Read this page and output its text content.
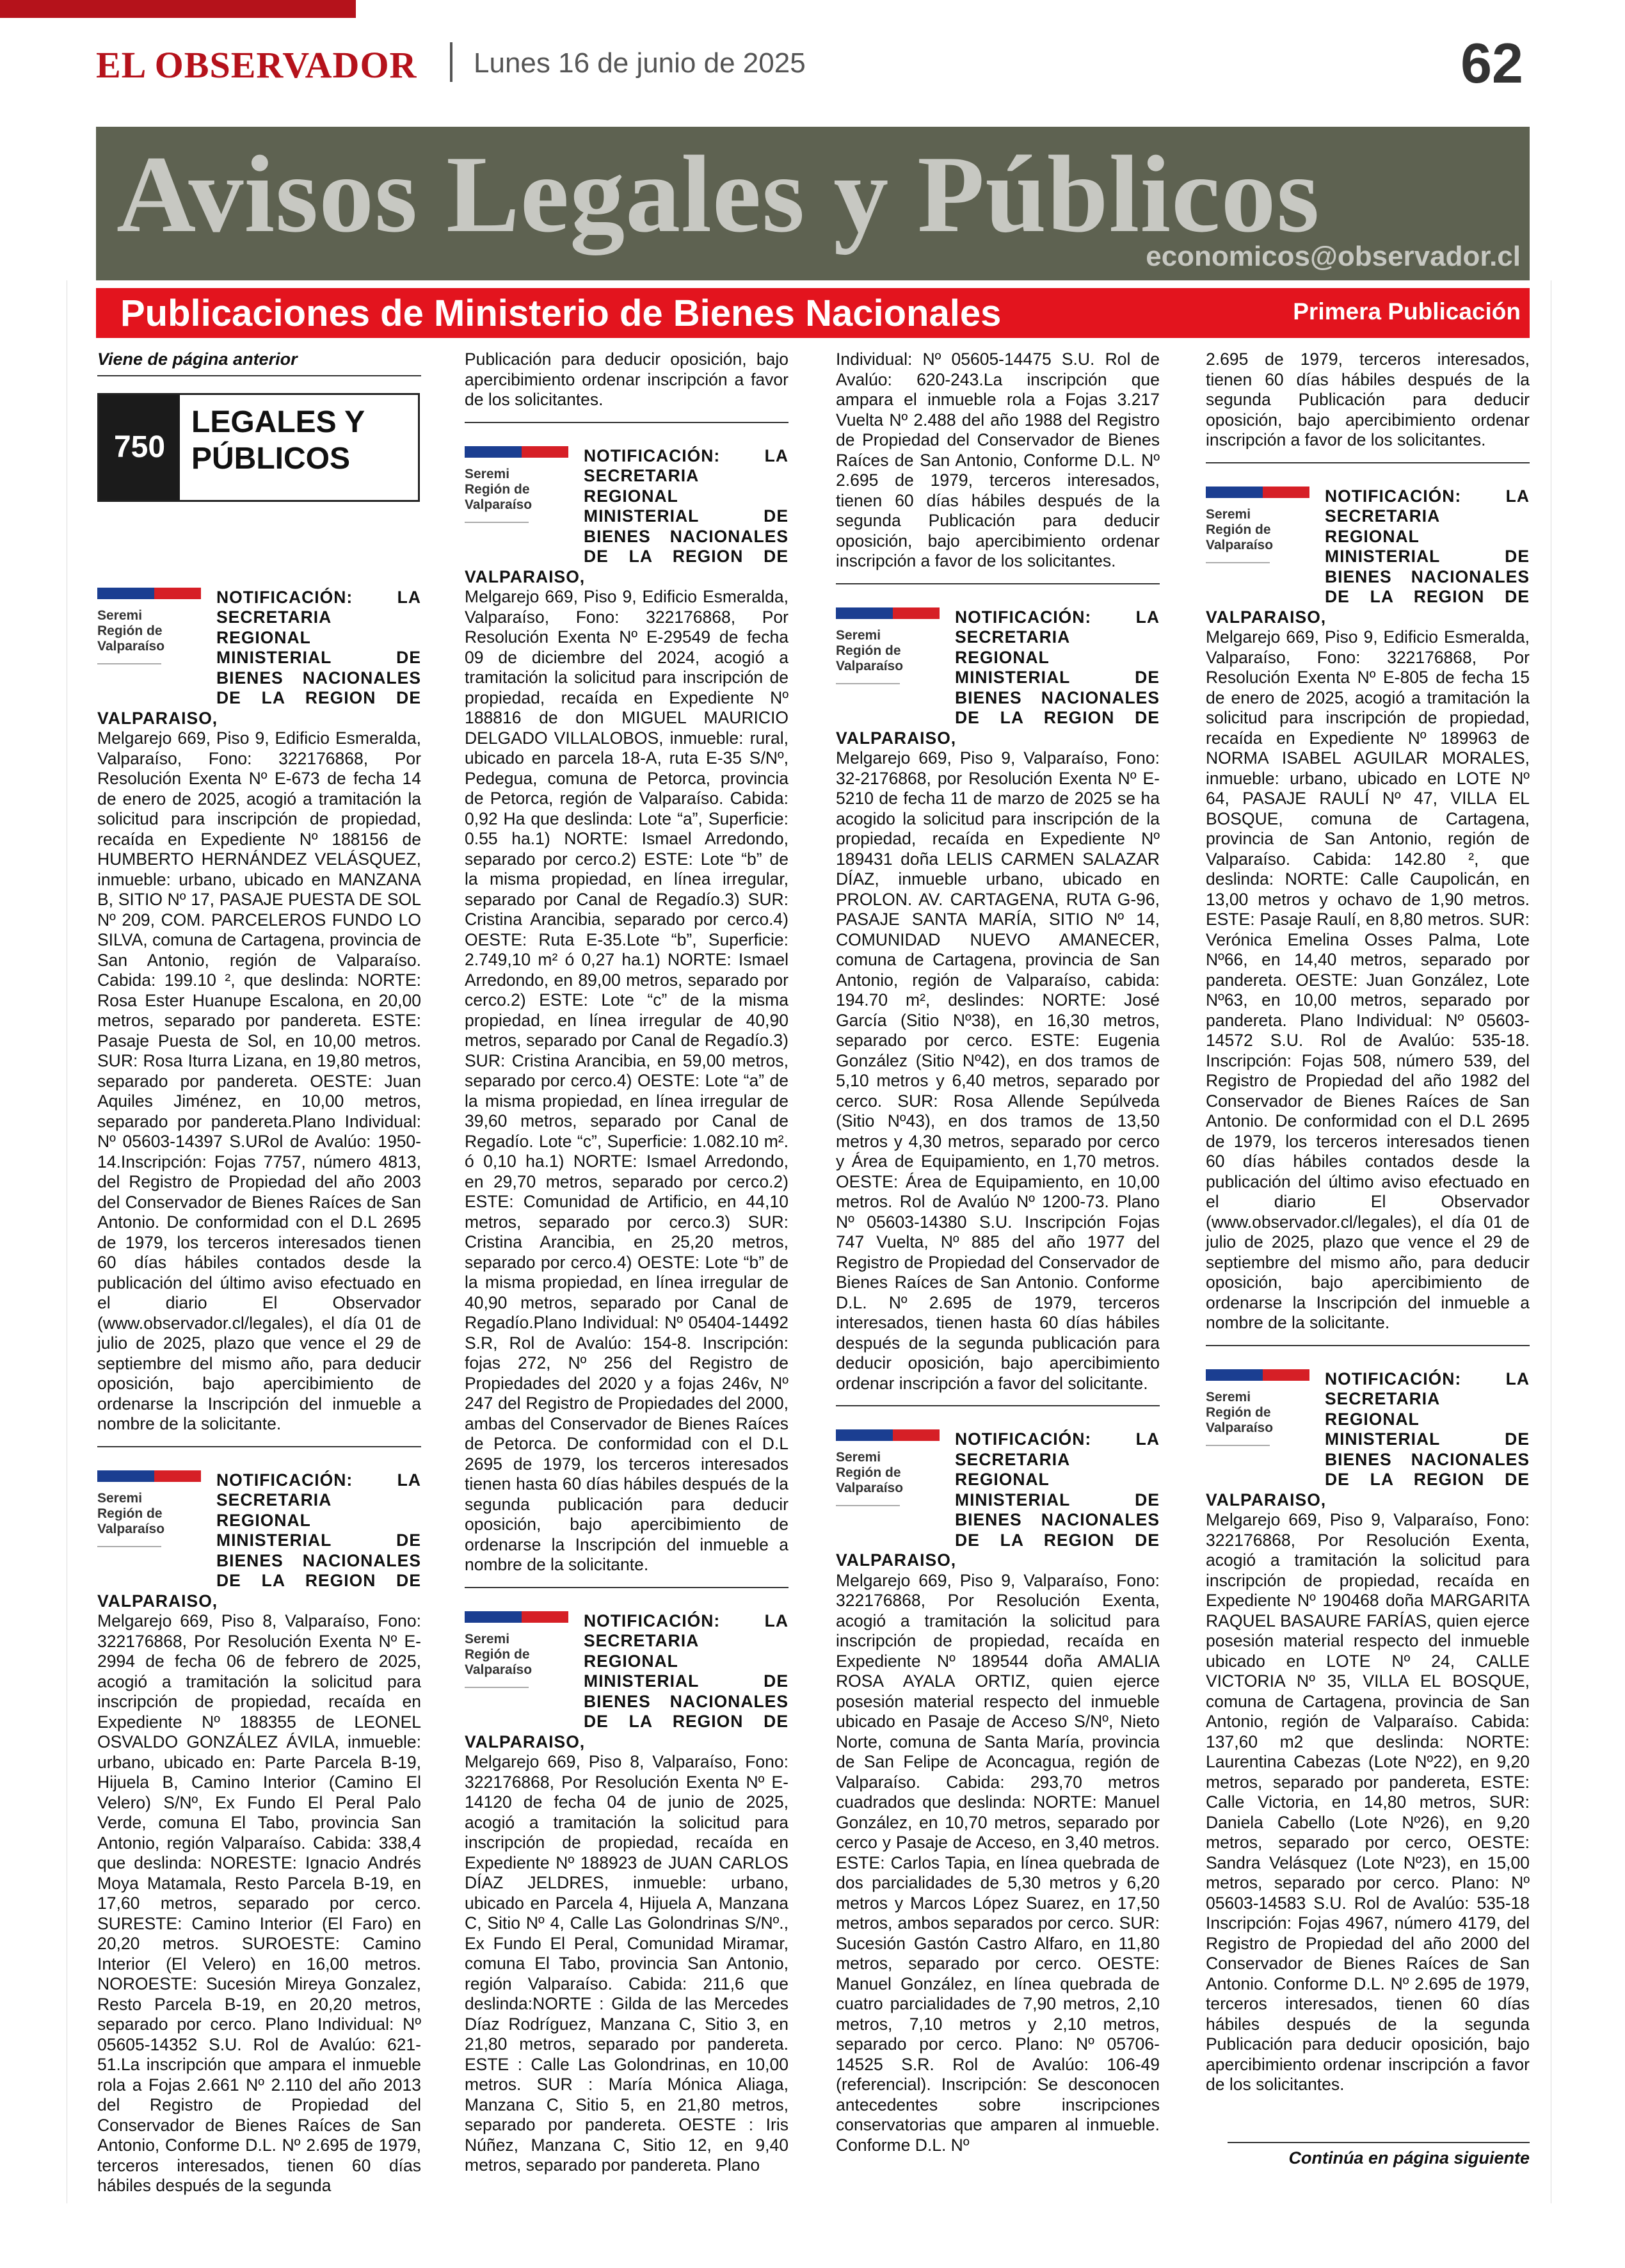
EL OBSERVADOR Lunes 16 de junio de 2025	62
Avisos Legales y Públicos
economicos@observador.cl
Publicaciones de Ministerio de Bienes Nacionales	Primera Publicación
Viene de página anterior
750
LEGALES Y PÚBLICOS
Seremi
Región de
Valparaíso
NOTIFICACIÓN: LA SECRETARIA REGIONAL MINISTERIAL DE BIENES NACIONALES DE LA REGION DE VALPARAISO,
Melgarejo 669, Piso 9, Edificio Esmeralda, Valparaíso, Fono: 322176868, Por Resolución Exenta Nº E-673 de fecha 14 de enero de 2025, acogió a tramitación la solicitud para inscripción de propiedad, recaída en Expediente Nº 188156 de HUMBERTO HERNÁNDEZ VELÁSQUEZ, inmueble: urbano, ubicado en MANZANA B, SITIO Nº 17, PASAJE PUESTA DE SOL Nº 209, COM. PARCELEROS FUNDO LO SILVA, comuna de Cartagena, provincia de San Antonio, región de Valparaíso. Cabida: 199.10 ², que deslinda: NORTE: Rosa Ester Huanupe Escalona, en 20,00 metros, separado por pandereta. ESTE: Pasaje Puesta de Sol, en 10,00 metros. SUR: Rosa Iturra Lizana, en 19,80 metros, separado por pandereta. OESTE: Juan Aquiles Jiménez, en 10,00 metros, separado por pandereta.Plano Individual: Nº 05603-14397 S.URol de Avalúo: 1950-14.Inscripción: Fojas 7757, número 4813, del Registro de Propiedad del año 2003 del Conservador de Bienes Raíces de San Antonio. De conformidad con el D.L 2695 de 1979, los terceros interesados tienen 60 días hábiles contados desde la publicación del último aviso efectuado en el diario El Observador (www.observador.cl/legales), el día 01 de julio de 2025, plazo que vence el 29 de septiembre del mismo año, para deducir oposición, bajo apercibimiento de ordenarse la Inscripción del inmueble a nombre de la solicitante.
Seremi
Región de
Valparaíso
NOTIFICACIÓN: LA SECRETARIA REGIONAL MINISTERIAL DE BIENES NACIONALES DE LA REGION DE VALPARAISO,
Melgarejo 669, Piso 8, Valparaíso, Fono: 322176868, Por Resolución Exenta Nº E-2994 de fecha 06 de febrero de 2025, acogió a tramitación la solicitud para inscripción de propiedad, recaída en Expediente Nº 188355 de LEONEL OSVALDO GONZÁLEZ ÁVILA, inmueble: urbano, ubicado en: Parte Parcela B-19, Hijuela B, Camino Interior (Camino El Velero) S/Nº, Ex Fundo El Peral Palo Verde, comuna El Tabo, provincia San Antonio, región Valparaíso. Cabida: 338,4 que deslinda: NORESTE: Ignacio Andrés Moya Matamala, Resto Parcela B-19, en 17,60 metros, separado por cerco. SURESTE: Camino Interior (El Faro) en 20,20 metros. SUROESTE: Camino Interior (El Velero) en 16,00 metros. NOROESTE: Sucesión Mireya Gonzalez, Resto Parcela B-19, en 20,20 metros, separado por cerco. Plano Individual: Nº 05605-14352 S.U. Rol de Avalúo: 621-51.La inscripción que ampara el inmueble rola a Fojas 2.661 Nº 2.110 del año 2013 del Registro de Propiedad del Conservador de Bienes Raíces de San Antonio, Conforme D.L. Nº 2.695 de 1979, terceros interesados, tienen 60 días hábiles después de la segunda
Publicación para deducir oposición, bajo apercibimiento ordenar inscripción a favor de los solicitantes.
Seremi
Región de
Valparaíso
NOTIFICACIÓN: LA SECRETARIA REGIONAL MINISTERIAL DE BIENES NACIONALES DE LA REGION DE VALPARAISO,
Melgarejo 669, Piso 9, Edificio Esmeralda, Valparaíso, Fono: 322176868, Por Resolución Exenta Nº E-29549 de fecha 09 de diciembre del 2024, acogió a tramitación la solicitud para inscripción de propiedad, recaída en Expediente Nº 188816 de don MIGUEL MAURICIO DELGADO VILLALOBOS, inmueble: rural, ubicado en parcela 18-A, ruta E-35 S/Nº, Pedegua, comuna de Petorca, provincia de Petorca, región de Valparaíso. Cabida: 0,92 Ha que deslinda: Lote “a”, Superficie: 0.55 ha.1) NORTE: Ismael Arredondo, separado por cerco.2) ESTE: Lote “b” de la misma propiedad, en línea irregular, separado por Canal de Regadío.3) SUR: Cristina Arancibia, separado por cerco.4) OESTE: Ruta E-35.Lote “b”, Superficie: 2.749,10 m² ó 0,27 ha.1) NORTE: Ismael Arredondo, en 89,00 metros, separado por cerco.2) ESTE: Lote “c” de la misma propiedad, en línea irregular de 40,90 metros, separado por Canal de Regadío.3) SUR: Cristina Arancibia, en 59,00 metros, separado por cerco.4) OESTE: Lote “a” de la misma propiedad, en línea irregular de 39,60 metros, separado por Canal de Regadío. Lote “c”, Superficie: 1.082.10 m². ó 0,10 ha.1) NORTE: Ismael Arredondo, en 29,70 metros, separado por cerco.2) ESTE: Comunidad de Artificio, en 44,10 metros, separado por cerco.3) SUR: Cristina Arancibia, en 25,20 metros, separado por cerco.4) OESTE: Lote “b” de la misma propiedad, en línea irregular de 40,90 metros, separado por Canal de Regadío.Plano Individual: Nº 05404-14492 S.R, Rol de Avalúo: 154-8. Inscripción: fojas 272, Nº 256 del Registro de Propiedades del 2020 y a fojas 246v, Nº 247 del Registro de Propiedades del 2000, ambas del Conservador de Bienes Raíces de Petorca. De conformidad con el D.L 2695 de 1979, los terceros interesados tienen hasta 60 días hábiles después de la segunda publicación para deducir oposición, bajo apercibimiento de ordenarse la Inscripción del inmueble a nombre de la solicitante.
Seremi
Región de
Valparaíso
NOTIFICACIÓN: LA SECRETARIA REGIONAL MINISTERIAL DE BIENES NACIONALES DE LA REGION DE VALPARAISO,
Melgarejo 669, Piso 8, Valparaíso, Fono: 322176868, Por Resolución Exenta Nº E-14120 de fecha 04 de junio de 2025, acogió a tramitación la solicitud para inscripción de propiedad, recaída en Expediente Nº 188923 de JUAN CARLOS DÍAZ JELDRES, inmueble: urbano, ubicado en Parcela 4, Hijuela A, Manzana C, Sitio Nº 4, Calle Las Golondrinas S/Nº., Ex Fundo El Peral, Comunidad Miramar, comuna El Tabo, provincia San Antonio, región Valparaíso. Cabida: 211,6 que deslinda:NORTE : Gilda de las Mercedes Díaz Rodríguez, Manzana C, Sitio 3, en 21,80 metros, separado por pandereta. ESTE : Calle Las Golondrinas, en 10,00 metros. SUR : María Mónica Aliaga, Manzana C, Sitio 5, en 21,80 metros, separado por pandereta. OESTE : Iris Núñez, Manzana C, Sitio 12, en 9,40 metros, separado por pandereta. Plano
Individual: Nº 05605-14475 S.U. Rol de Avalúo: 620-243.La inscripción que ampara el inmueble rola a Fojas 3.217 Vuelta Nº 2.488 del año 1988 del Registro de Propiedad del Conservador de Bienes Raíces de San Antonio, Conforme D.L. Nº 2.695 de 1979, terceros interesados, tienen 60 días hábiles después de la segunda Publicación para deducir oposición, bajo apercibimiento ordenar inscripción a favor de los solicitantes.
Seremi
Región de
Valparaíso
NOTIFICACIÓN: LA SECRETARIA REGIONAL MINISTERIAL DE BIENES NACIONALES DE LA REGION DE VALPARAISO,
Melgarejo 669, Piso 9, Valparaíso, Fono: 32-2176868, por Resolución Exenta Nº E-5210 de fecha 11 de marzo de 2025 se ha acogido la solicitud para inscripción de la propiedad, recaída en Expediente Nº 189431 doña LELIS CARMEN SALAZAR DÍAZ, inmueble urbano, ubicado en PROLON. AV. CARTAGENA, RUTA G-96, PASAJE SANTA MARÍA, SITIO Nº 14, COMUNIDAD NUEVO AMANECER, comuna de Cartagena, provincia de San Antonio, región de Valparaíso, cabida: 194.70 m², deslindes: NORTE: José García (Sitio Nº38), en 16,30 metros, separado por cerco. ESTE: Eugenia González (Sitio Nº42), en dos tramos de 5,10 metros y 6,40 metros, separado por cerco. SUR: Rosa Allende Sepúlveda (Sitio Nº43), en dos tramos de 13,50 metros y 4,30 metros, separado por cerco y Área de Equipamiento, en 1,70 metros. OESTE: Área de Equipamiento, en 10,00 metros. Rol de Avalúo Nº 1200-73. Plano Nº 05603-14380 S.U. Inscripción Fojas 747 Vuelta, Nº 885 del año 1977 del Registro de Propiedad del Conservador de Bienes Raíces de San Antonio. Conforme D.L. Nº 2.695 de 1979, terceros interesados, tienen hasta 60 días hábiles después de la segunda publicación para deducir oposición, bajo apercibimiento ordenar inscripción a favor del solicitante.
Seremi
Región de
Valparaíso
NOTIFICACIÓN: LA SECRETARIA REGIONAL MINISTERIAL DE BIENES NACIONALES DE LA REGION DE VALPARAISO,
Melgarejo 669, Piso 9, Valparaíso, Fono: 322176868, Por Resolución Exenta, acogió a tramitación la solicitud para inscripción de propiedad, recaída en Expediente Nº 189544 doña AMALIA ROSA AYALA ORTIZ, quien ejerce posesión material respecto del inmueble ubicado en Pasaje de Acceso S/Nº, Nieto Norte, comuna de Santa María, provincia de San Felipe de Aconcagua, región de Valparaíso. Cabida: 293,70 metros cuadrados que deslinda: NORTE: Manuel González, en 10,70 metros, separado por cerco y Pasaje de Acceso, en 3,40 metros. ESTE: Carlos Tapia, en línea quebrada de dos parcialidades de 5,30 metros y 6,20 metros y Marcos López Suarez, en 17,50 metros, ambos separados por cerco. SUR: Sucesión Gastón Castro Alfaro, en 11,80 metros, separado por cerco. OESTE: Manuel González, en línea quebrada de cuatro parcialidades de 7,90 metros, 2,10 metros, 7,10 metros y 2,10 metros, separado por cerco. Plano: Nº 05706-14525 S.R. Rol de Avalúo: 106-49 (referencial). Inscripción: Se desconocen antecedentes sobre inscripciones conservatorias que amparen al inmueble. Conforme D.L. Nº
2.695 de 1979, terceros interesados, tienen 60 días hábiles después de la segunda Publicación para deducir oposición, bajo apercibimiento ordenar inscripción a favor de los solicitantes.
Seremi
Región de
Valparaíso
NOTIFICACIÓN: LA SECRETARIA REGIONAL MINISTERIAL DE BIENES NACIONALES DE LA REGION DE VALPARAISO,
Melgarejo 669, Piso 9, Edificio Esmeralda, Valparaíso, Fono: 322176868, Por Resolución Exenta Nº E-805 de fecha 15 de enero de 2025, acogió a tramitación la solicitud para inscripción de propiedad, recaída en Expediente Nº 189963 de NORMA ISABEL AGUILAR MORALES, inmueble: urbano, ubicado en LOTE Nº 64, PASAJE RAULÍ Nº 47, VILLA EL BOSQUE, comuna de Cartagena, provincia de San Antonio, región de Valparaíso. Cabida: 142.80 ², que deslinda: NORTE: Calle Caupolicán, en 13,00 metros y ochavo de 1,90 metros. ESTE: Pasaje Raulí, en 8,80 metros. SUR: Verónica Emelina Osses Palma, Lote Nº66, en 14,40 metros, separado por pandereta. OESTE: Juan González, Lote Nº63, en 10,00 metros, separado por pandereta. Plano Individual: Nº 05603-14572 S.U. Rol de Avalúo: 535-18. Inscripción: Fojas 508, número 539, del Registro de Propiedad del año 1982 del Conservador de Bienes Raíces de San Antonio. De conformidad con el D.L 2695 de 1979, los terceros interesados tienen 60 días hábiles contados desde la publicación del último aviso efectuado en el diario El Observador (www.observador.cl/legales), el día 01 de julio de 2025, plazo que vence el 29 de septiembre del mismo año, para deducir oposición, bajo apercibimiento de ordenarse la Inscripción del inmueble a nombre de la solicitante.
Seremi
Región de
Valparaíso
NOTIFICACIÓN: LA SECRETARIA REGIONAL MINISTERIAL DE BIENES NACIONALES DE LA REGION DE VALPARAISO,
Melgarejo 669, Piso 9, Valparaíso, Fono: 322176868, Por Resolución Exenta, acogió a tramitación la solicitud para inscripción de propiedad, recaída en Expediente Nº 190468 doña MARGARITA RAQUEL BASAURE FARÍAS, quien ejerce posesión material respecto del inmueble ubicado en LOTE Nº 24, CALLE VICTORIA Nº 35, VILLA EL BOSQUE, comuna de Cartagena, provincia de San Antonio, región de Valparaíso. Cabida: 137,60 m2 que deslinda: NORTE: Laurentina Cabezas (Lote Nº22), en 9,20 metros, separado por pandereta, ESTE: Calle Victoria, en 14,80 metros, SUR: Daniela Cabello (Lote Nº26), en 9,20 metros, separado por cerco, OESTE: Sandra Velásquez (Lote Nº23), en 15,00 metros, separado por cerco. Plano: Nº 05603-14583 S.U. Rol de Avalúo: 535-18 Inscripción: Fojas 4967, número 4179, del Registro de Propiedad del año 2000 del Conservador de Bienes Raíces de San Antonio. Conforme D.L. Nº 2.695 de 1979, terceros interesados, tienen 60 días hábiles después de la segunda Publicación para deducir oposición, bajo apercibimiento ordenar inscripción a favor de los solicitantes.
Continúa en página siguiente
